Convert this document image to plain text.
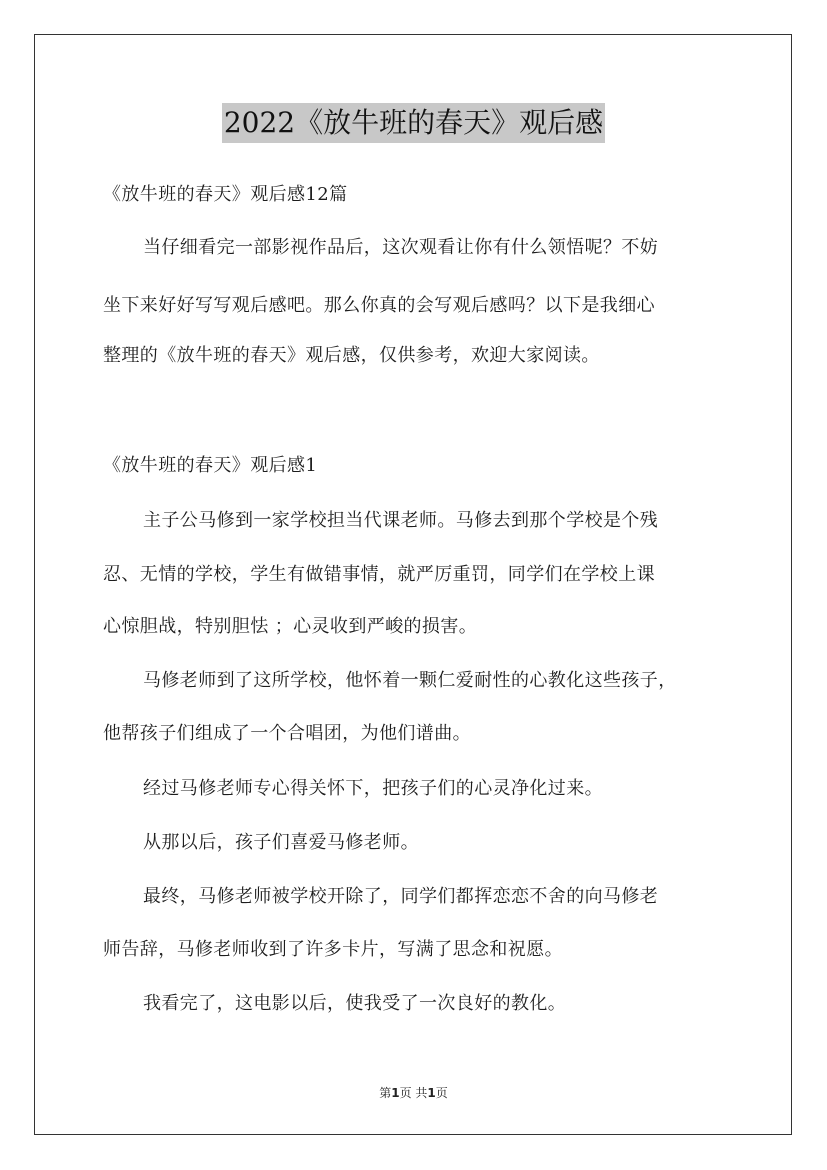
2022《放牛班的春天》观后感
《放牛班的春天》观后感12篇
当仔细看完一部影视作品后，这次观看让你有什么领悟呢？不妨
坐下来好好写写观后感吧。那么你真的会写观后感吗？以下是我细心
整理的《放牛班的春天》观后感，仅供参考，欢迎大家阅读。
《放牛班的春天》观后感1
主子公马修到一家学校担当代课老师。马修去到那个学校是个残
忍、无情的学校，学生有做错事情，就严厉重罚，同学们在学校上课
心惊胆战，特别胆怯 ；心灵收到严峻的损害。
马修老师到了这所学校，他怀着一颗仁爱耐性的心教化这些孩子，
他帮孩子们组成了一个合唱团，为他们谱曲。
经过马修老师专心得关怀下，把孩子们的心灵净化过来。
从那以后，孩子们喜爱马修老师。
最终，马修老师被学校开除了，同学们都挥恋恋不舍的向马修老
师告辞，马修老师收到了许多卡片，写满了思念和祝愿。
我看完了，这电影以后，使我受了一次良好的教化。
第1页 共1页
